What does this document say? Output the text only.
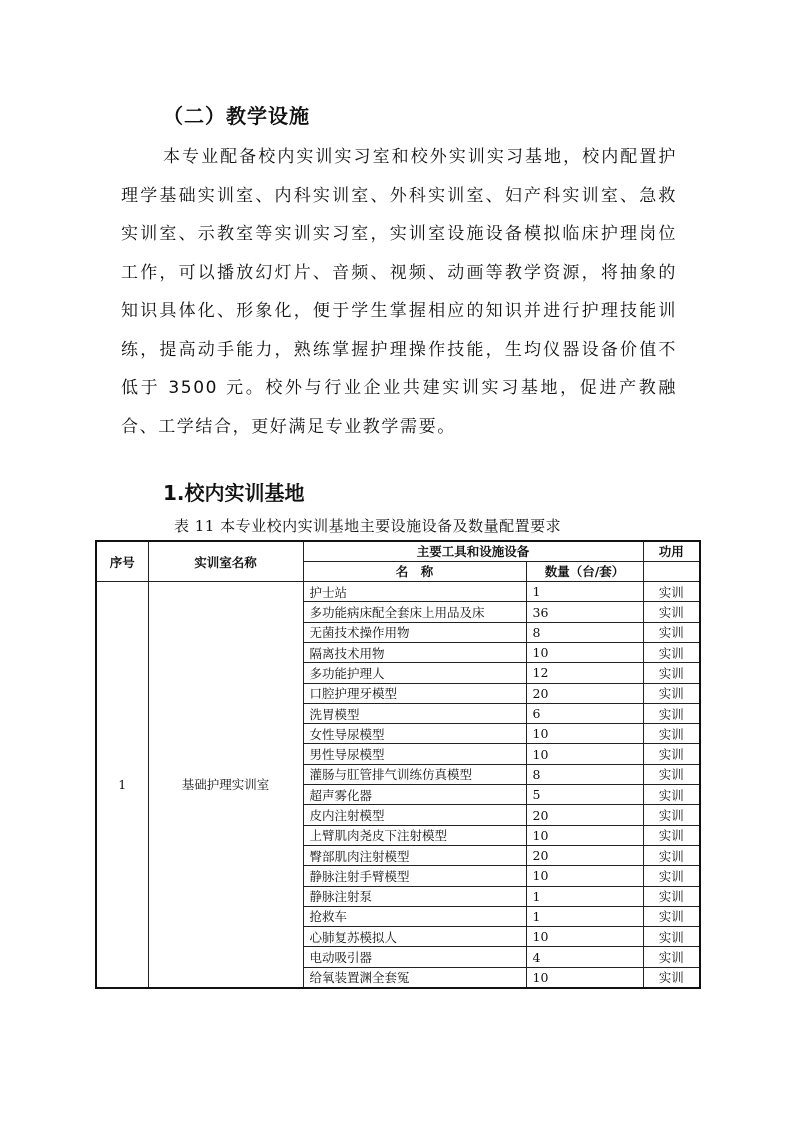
（二）教学设施

本专业配备校内实训实习室和校外实训实习基地，校内配置护理学基础实训室、内科实训室、外科实训室、妇产科实训室、急救实训室、示教室等实训实习室，实训室设施设备模拟临床护理岗位工作，可以播放幻灯片、音频、视频、动画等教学资源，将抽象的知识具体化、形象化，便于学生掌握相应的知识并进行护理技能训练，提高动手能力，熟练掌握护理操作技能，生均仪器设备价值不低于 3500 元。校外与行业企业共建实训实习基地，促进产教融合、工学结合，更好满足专业教学需要。

1.校内实训基地
表 11 本专业校内实训基地主要设施设备及数量配置要求
序号	实训室名称	主要工具和设施设备		功用
		名　称	数量（台/套）	
1	基础护理实训室	护士站	1	实训
		多功能病床配全套床上用品及床	36	实训
		无菌技术操作用物	8	实训
		隔离技术用物	10	实训
		多功能护理人	12	实训
		口腔护理牙模型	20	实训
		洗胃模型	6	实训
		女性导尿模型	10	实训
		男性导尿模型	10	实训
		灌肠与肛管排气训练仿真模型	8	实训
		超声雾化器	5	实训
		皮内注射模型	20	实训
		上臂肌肉尧皮下注射模型	10	实训
		臀部肌肉注射模型	20	实训
		静脉注射手臂模型	10	实训
		静脉注射泵	1	实训
		抢救车	1	实训
		心肺复苏模拟人	10	实训
		电动吸引器	4	实训
		给氧装置渊全套冤	10	实训
